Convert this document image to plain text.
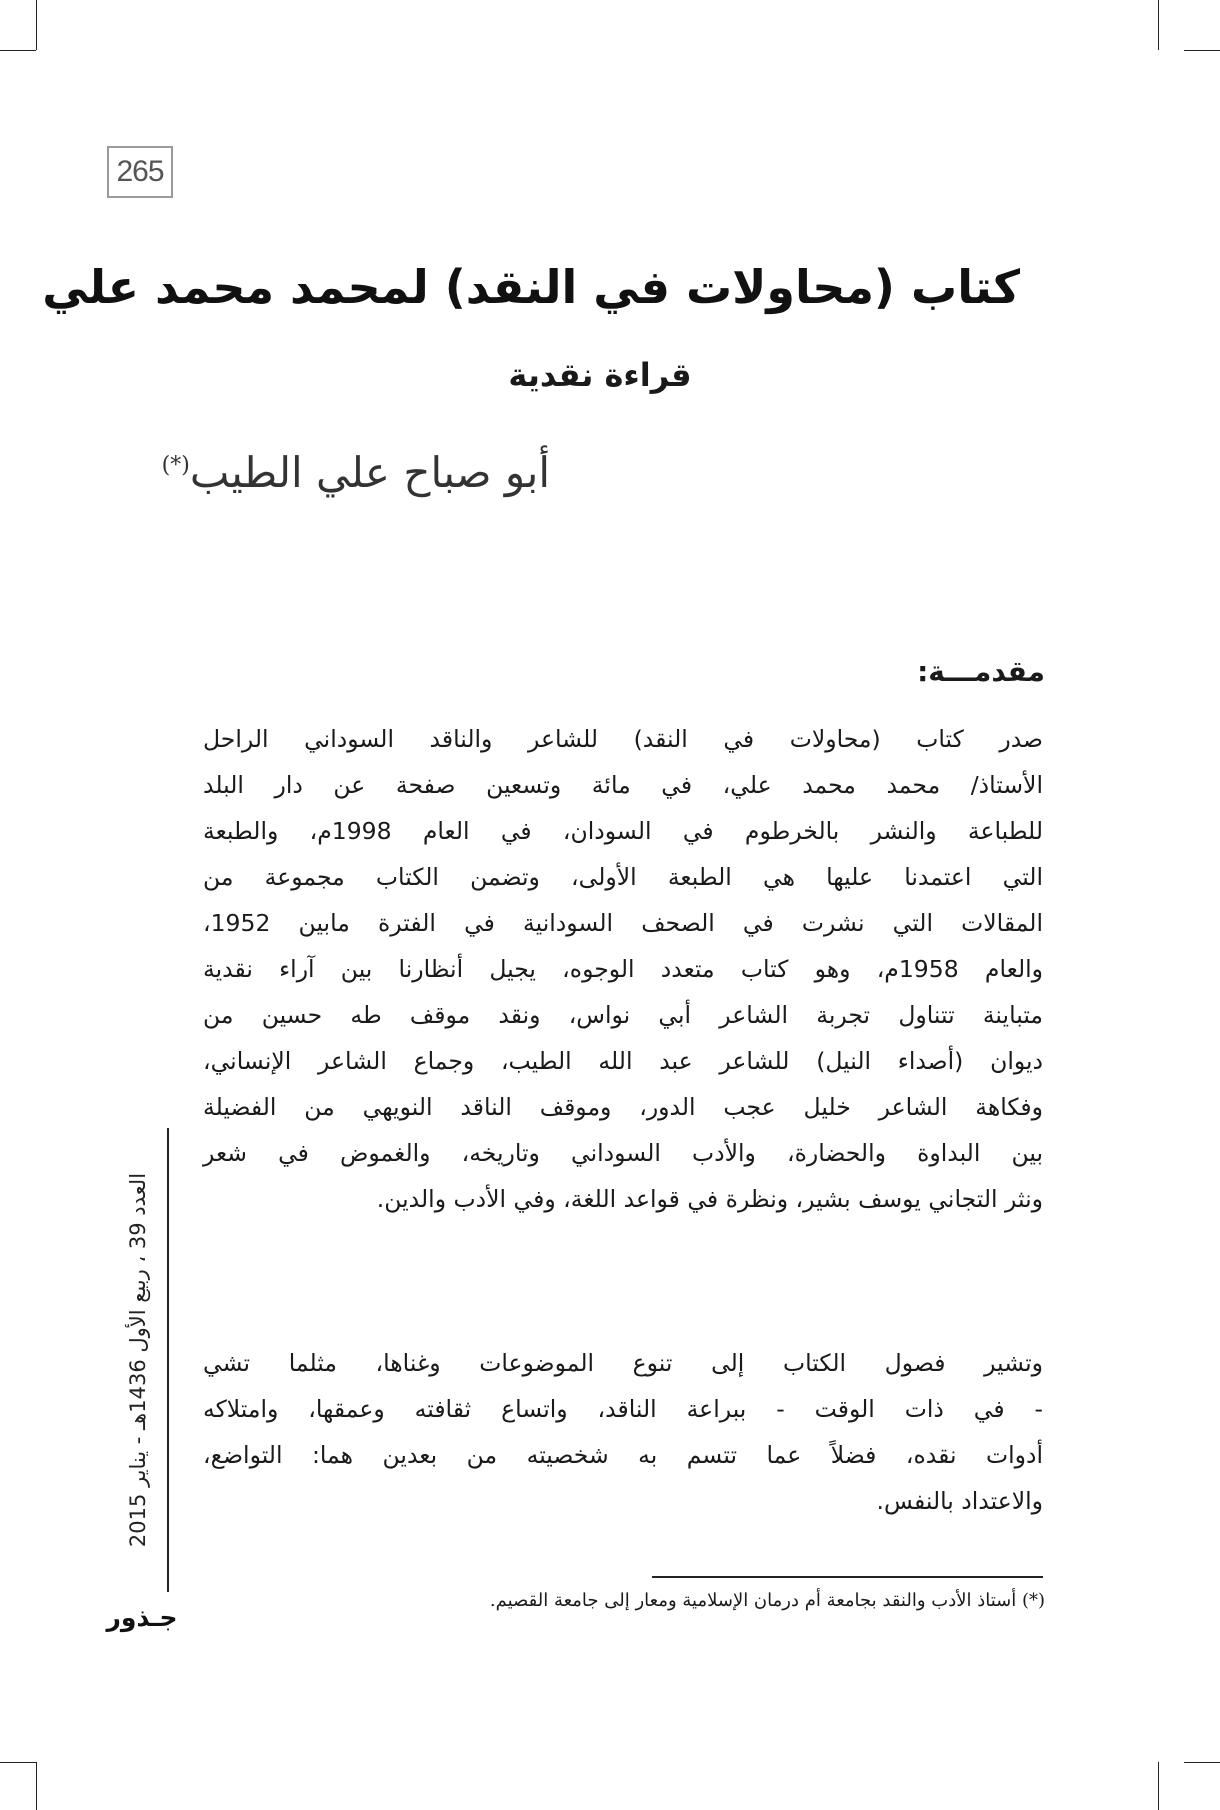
265
كتاب (محاولات في النقد) لمحمد محمد علي
قراءة نقدية
أبو صباح علي الطيب(*)
مقدمـــة:
صدر كتاب (محاولات في النقد) للشاعر والناقد السوداني الراحل
الأستاذ/ محمد محمد علي، في مائة وتسعين صفحة عن دار البلد
للطباعة والنشر بالخرطوم في السودان، في العام 1998م، والطبعة
التي اعتمدنا عليها هي الطبعة الأولى، وتضمن الكتاب مجموعة من
المقالات التي نشرت في الصحف السودانية في الفترة مابين 1952،
والعام 1958م، وهو كتاب متعدد الوجوه، يجيل أنظارنا بين آراء نقدية
متباينة تتناول تجربة الشاعر أبي نواس، ونقد موقف طه حسين من
ديوان (أصداء النيل) للشاعر عبد الله الطيب، وجماع الشاعر الإنساني،
وفكاهة الشاعر خليل عجب الدور، وموقف الناقد النويهي من الفضيلة
بين البداوة والحضارة، والأدب السوداني وتاريخه، والغموض في شعر
ونثر التجاني يوسف بشير، ونظرة في قواعد اللغة، وفي الأدب والدين.
وتشير فصول الكتاب إلى تنوع الموضوعات وغناها، مثلما تشي
- في ذات الوقت - ببراعة الناقد، واتساع ثقافته وعمقها، وامتلاكه
أدوات نقده، فضلاً عما تتسم به شخصيته من بعدين هما: التواضع،
والاعتداد بالنفس.
(*) أستاذ الأدب والنقد بجامعة أم درمان الإسلامية ومعار إلى جامعة القصيم.
العدد 39 ، ربيع الأول 1436هـ - يناير 2015
جـذور
